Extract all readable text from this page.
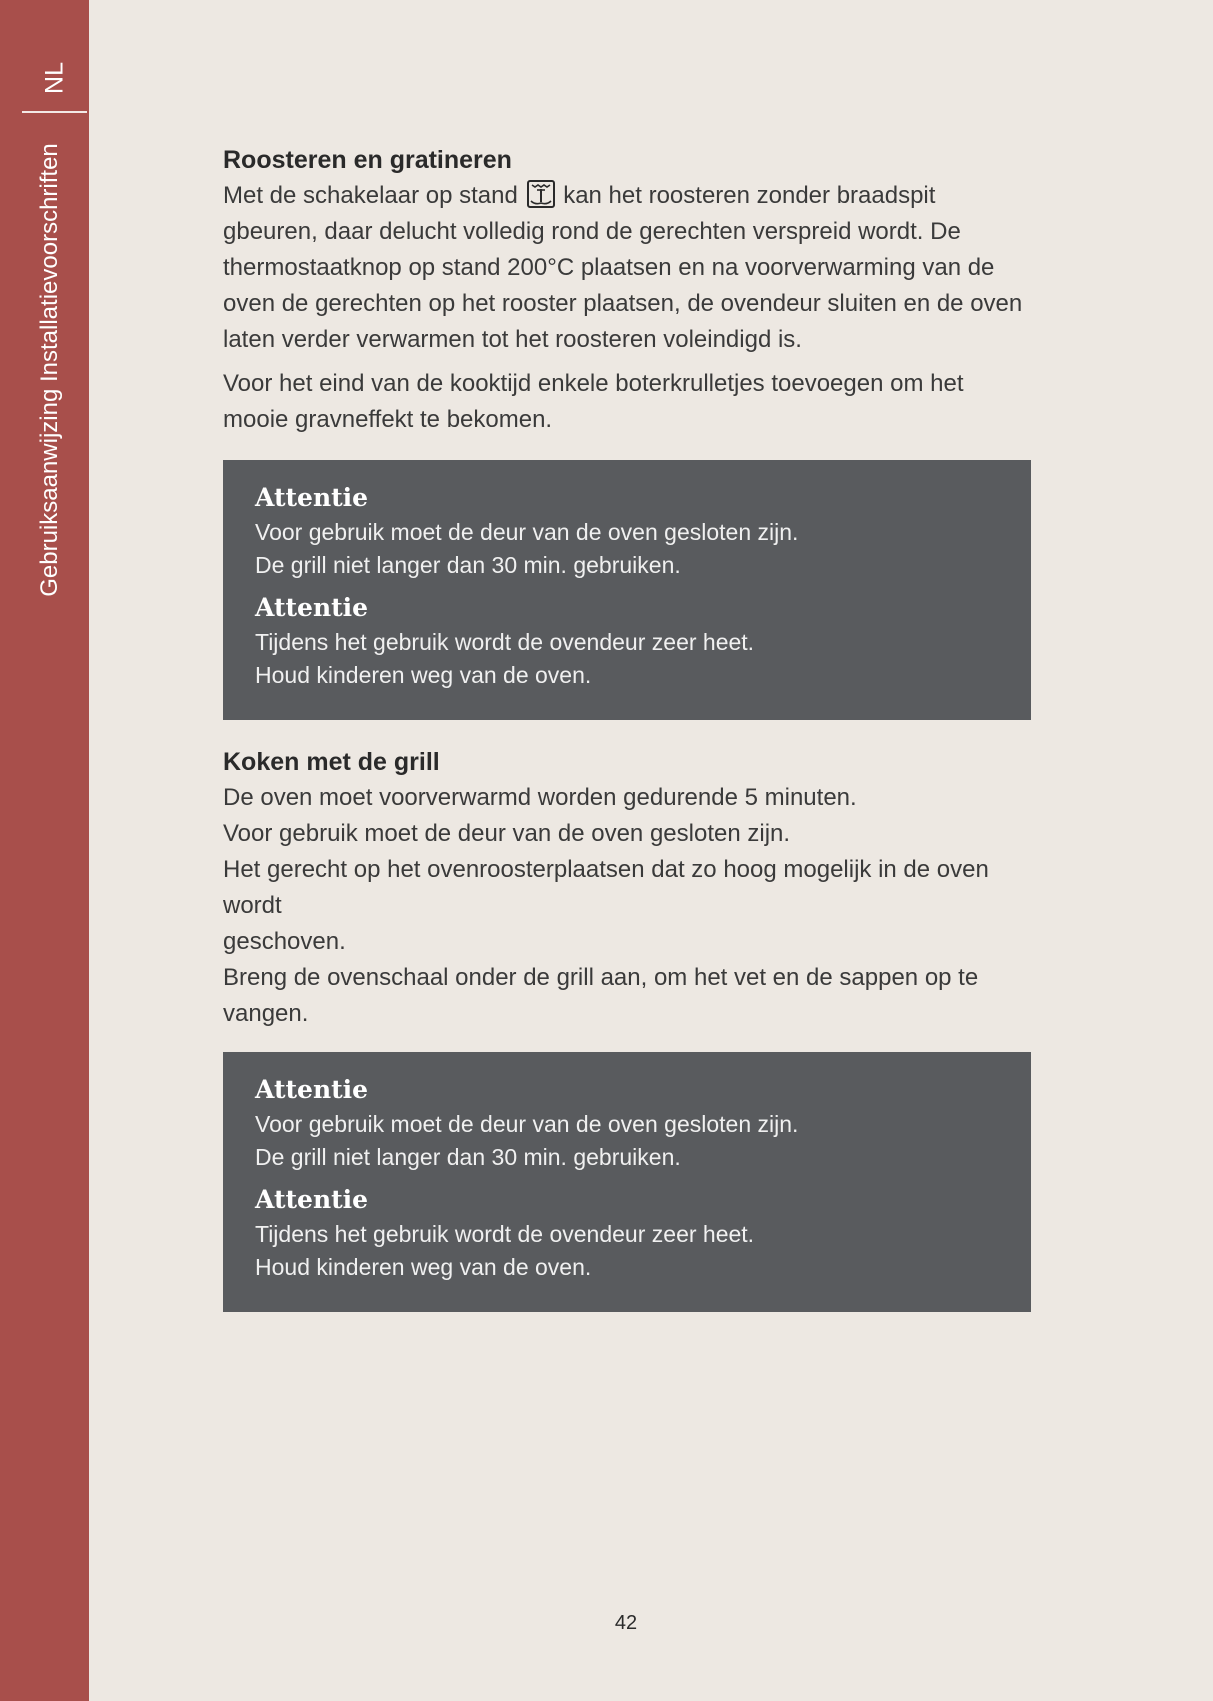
NL
Gebruiksaanwijzing Installatievoorschriften	Roosteren en gratineren

Met de schakelaar op stand kan het roosteren zonder braadspit
gbeuren, daar delucht volledig rond de gerechten verspreid wordt. De
thermostaatknop op stand 200°C plaatsen en na voorverwarming van de
oven de gerechten op het rooster plaatsen, de ovendeur sluiten en de oven
laten verder verwarmen tot het roosteren voleindigd is.

Voor het eind van de kooktijd enkele boterkrulletjes toevoegen om het
mooie gravneffekt te bekomen.

Attentie
Voor gebruik moet de deur van de oven gesloten zijn.
De grill niet langer dan 30 min. gebruiken.
Attentie
Tijdens het gebruik wordt de ovendeur zeer heet.
Houd kinderen weg van de oven.
Koken met de grill

De oven moet voorverwarmd worden gedurende 5 minuten.
Voor gebruik moet de deur van de oven gesloten zijn.
Het gerecht op het ovenroosterplaatsen dat zo hoog mogelijk in de oven wordt
geschoven.
Breng de ovenschaal onder de grill aan, om het vet en de sappen op te vangen.

Attentie
Voor gebruik moet de deur van de oven gesloten zijn.
De grill niet langer dan 30 min. gebruiken.
Attentie
Tijdens het gebruik wordt de ovendeur zeer heet.
Houd kinderen weg van de oven.
42
